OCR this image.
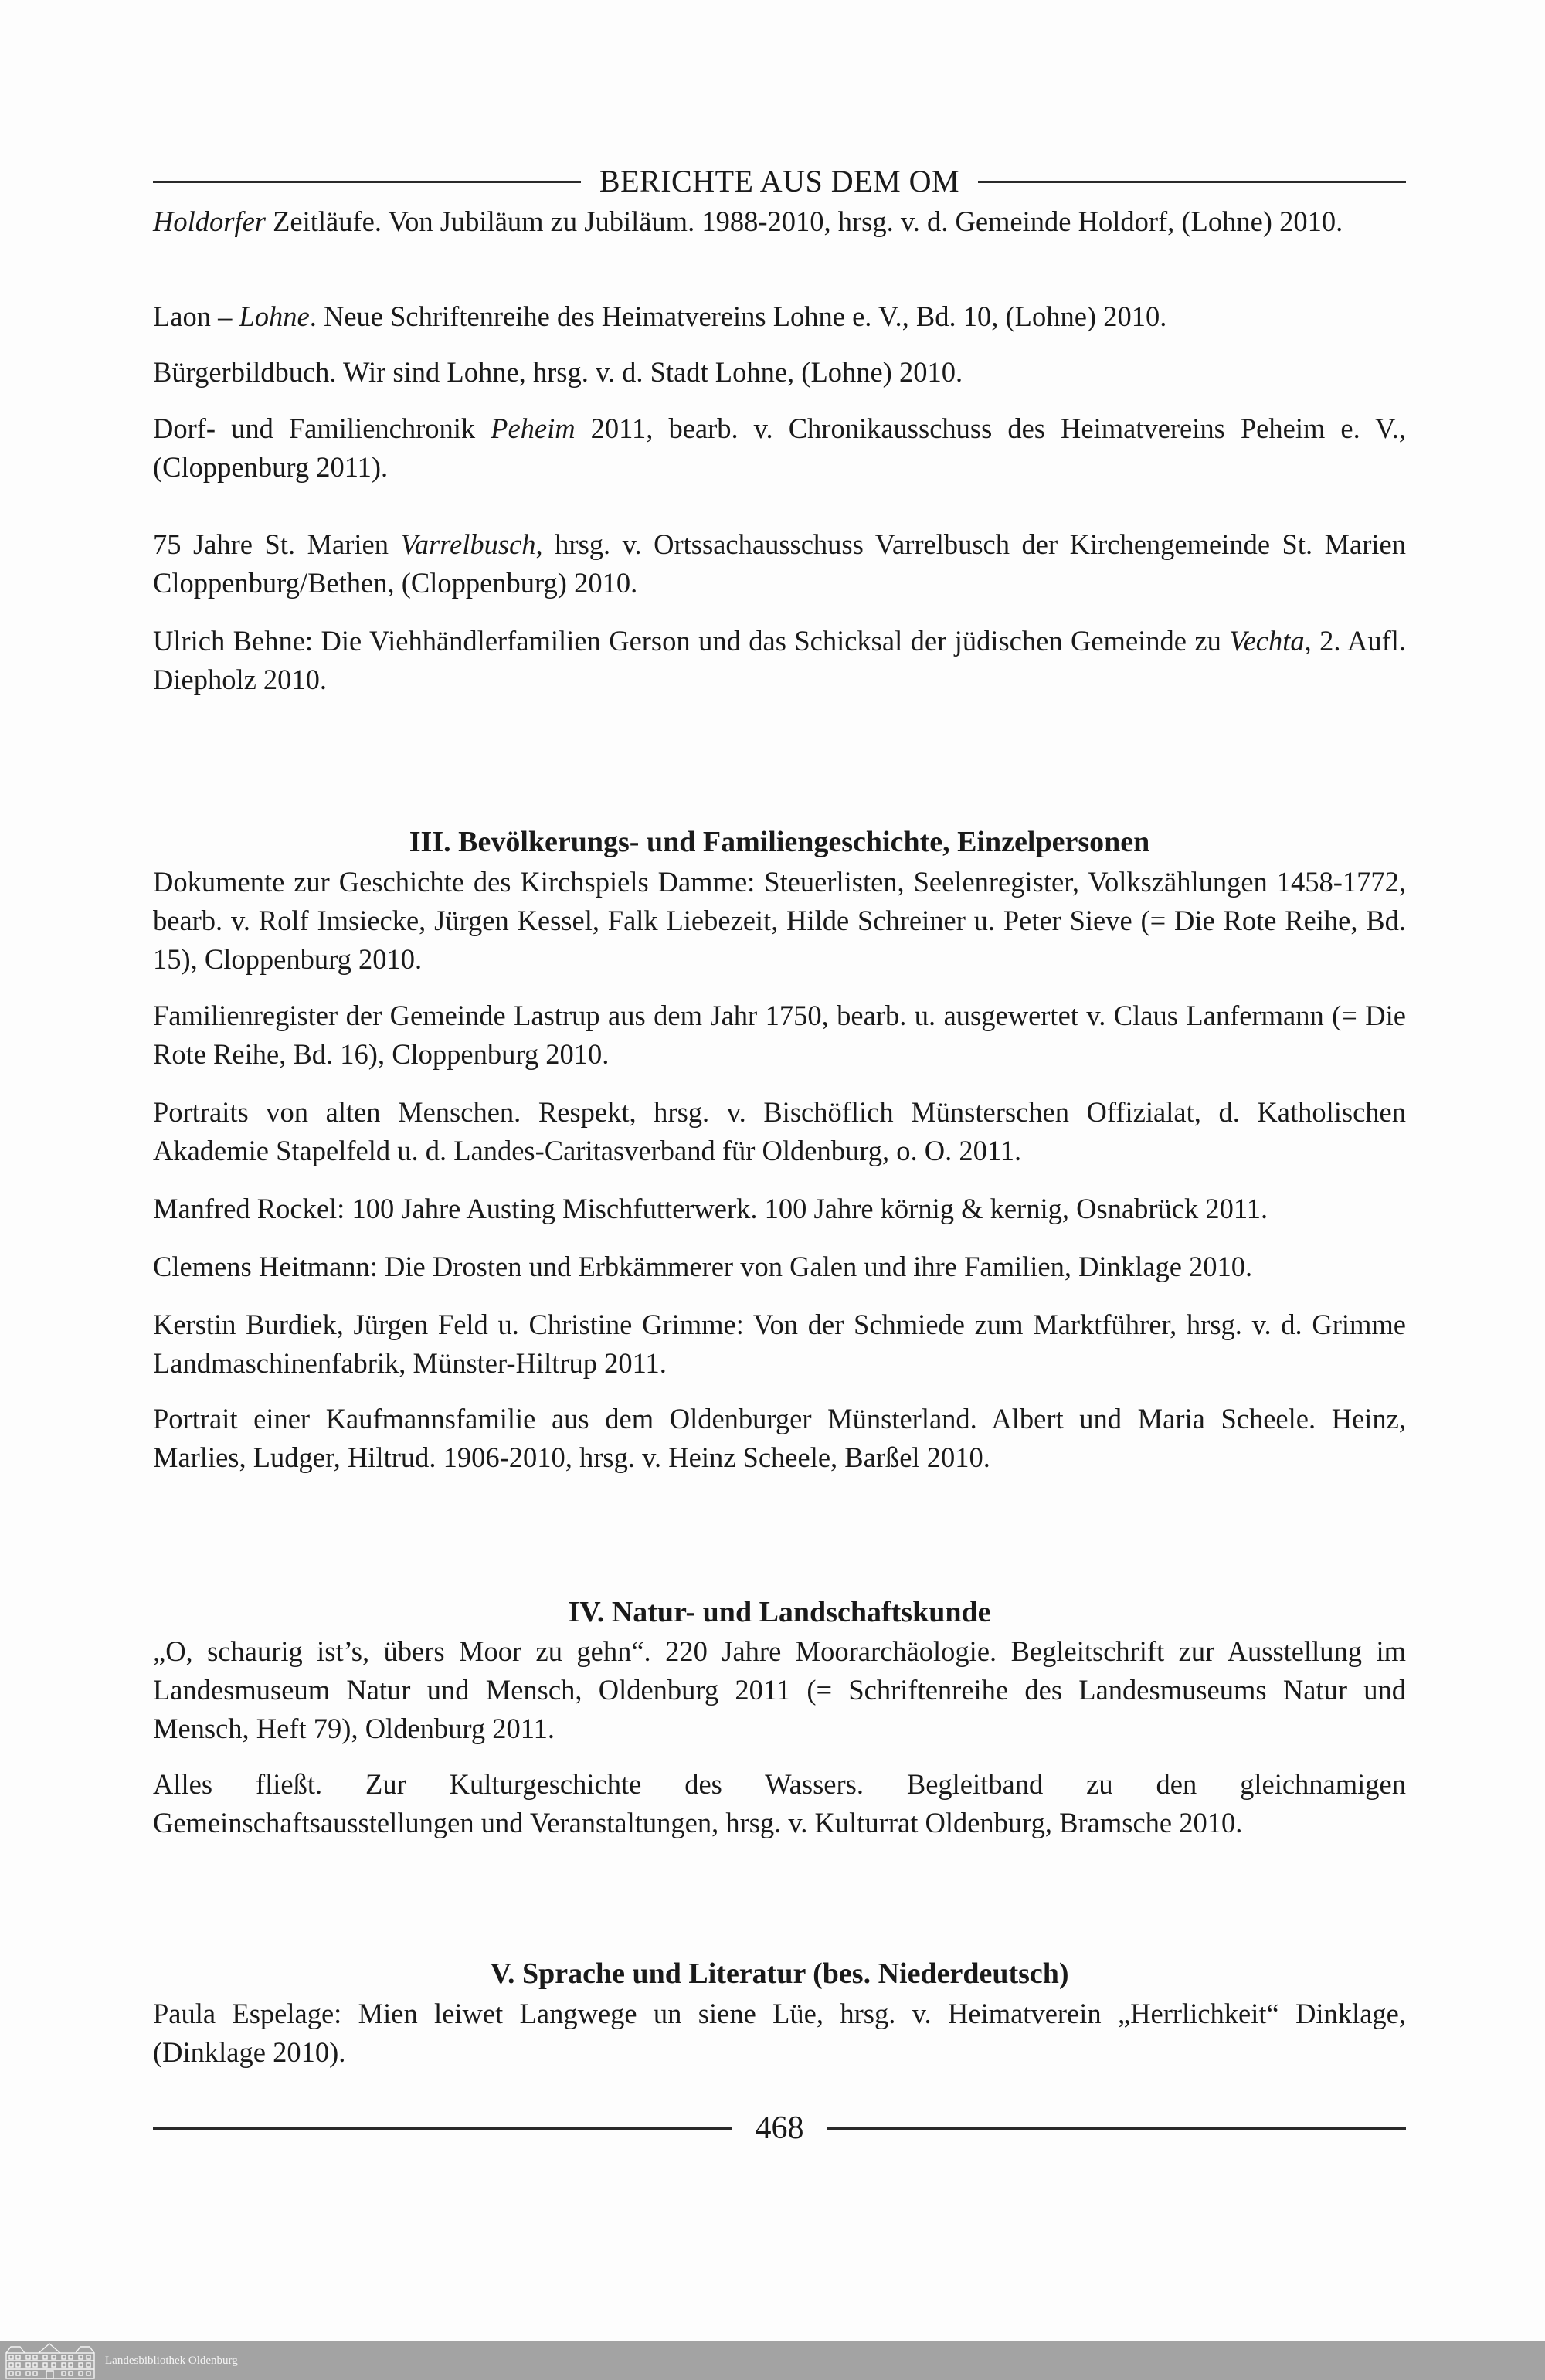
BERICHTE AUS DEM OM

Holdorfer Zeitläufe. Von Jubiläum zu Jubiläum. 1988-2010, hrsg. v. d. Gemeinde Holdorf, (Lohne) 2010.

Laon – Lohne. Neue Schriftenreihe des Heimatvereins Lohne e. V., Bd. 10, (Lohne) 2010.

Bürgerbildbuch. Wir sind Lohne, hrsg. v. d. Stadt Lohne, (Lohne) 2010.

Dorf- und Familienchronik Peheim 2011, bearb. v. Chronikausschuss des Heimatvereins Peheim e. V., (Cloppenburg 2011).

75 Jahre St. Marien Varrelbusch, hrsg. v. Ortssachausschuss Varrelbusch der Kirchengemeinde St. Marien Cloppenburg/Bethen, (Cloppenburg) 2010.

Ulrich Behne: Die Viehhändlerfamilien Gerson und das Schicksal der jüdischen Gemeinde zu Vechta, 2. Aufl. Diepholz 2010.

III. Bevölkerungs- und Familiengeschichte, Einzelpersonen

Dokumente zur Geschichte des Kirchspiels Damme: Steuerlisten, Seelenregister, Volkszählungen 1458-1772, bearb. v. Rolf Imsiecke, Jürgen Kessel, Falk Liebezeit, Hilde Schreiner u. Peter Sieve (= Die Rote Reihe, Bd. 15), Cloppenburg 2010.

Familienregister der Gemeinde Lastrup aus dem Jahr 1750, bearb. u. ausgewertet v. Claus Lanfermann (= Die Rote Reihe, Bd. 16), Cloppenburg 2010.

Portraits von alten Menschen. Respekt, hrsg. v. Bischöflich Münsterschen Offizialat, d. Katholischen Akademie Stapelfeld u. d. Landes-Caritasverband für Oldenburg, o. O. 2011.

Manfred Rockel: 100 Jahre Austing Mischfutterwerk. 100 Jahre körnig & kernig, Osnabrück 2011.

Clemens Heitmann: Die Drosten und Erbkämmerer von Galen und ihre Familien, Dinklage 2010.

Kerstin Burdiek, Jürgen Feld u. Christine Grimme: Von der Schmiede zum Marktführer, hrsg. v. d. Grimme Landmaschinenfabrik, Münster-Hiltrup 2011.

Portrait einer Kaufmannsfamilie aus dem Oldenburger Münsterland. Albert und Maria Scheele. Heinz, Marlies, Ludger, Hiltrud. 1906-2010, hrsg. v. Heinz Scheele, Barßel 2010.

IV. Natur- und Landschaftskunde

„O, schaurig ist’s, übers Moor zu gehn“. 220 Jahre Moorarchäologie. Begleitschrift zur Ausstellung im Landesmuseum Natur und Mensch, Oldenburg 2011 (= Schriftenreihe des Landesmuseums Natur und Mensch, Heft 79), Oldenburg 2011.

Alles fließt. Zur Kulturgeschichte des Wassers. Begleitband zu den gleichnamigen Gemeinschaftsausstellungen und Veranstaltungen, hrsg. v. Kulturrat Oldenburg, Bramsche 2010.

V. Sprache und Literatur (bes. Niederdeutsch)

Paula Espelage: Mien leiwet Langwege un siene Lüe, hrsg. v. Heimatverein „Herrlichkeit“ Dinklage, (Dinklage 2010).

468
Landesbibliothek Oldenburg
